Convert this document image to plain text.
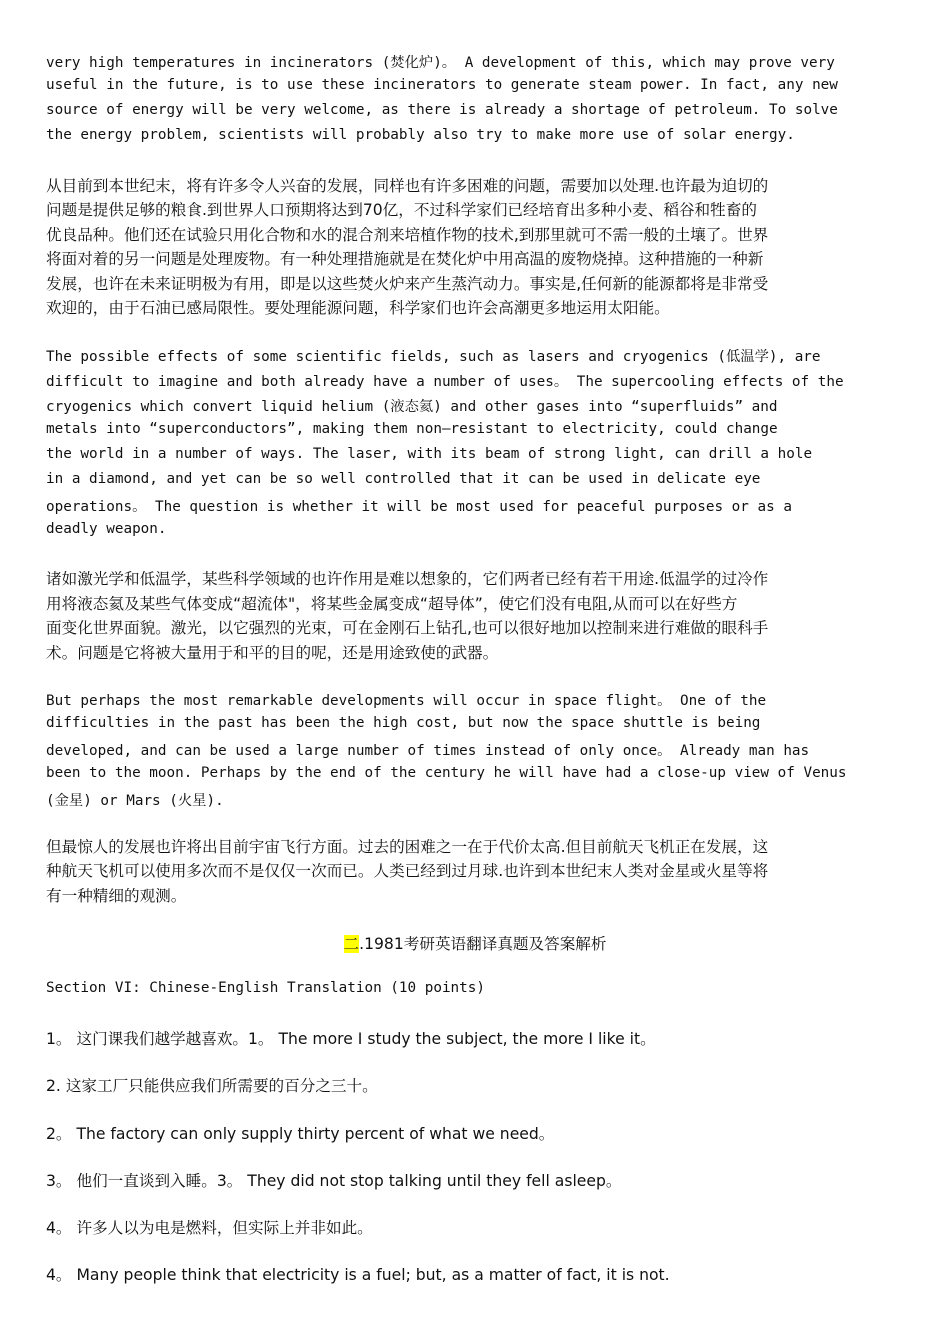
very high temperatures in incinerators (焚化炉)。 A development of this, which may prove very
useful in the future, is to use these incinerators to generate steam power. In fact, any new
source of energy will be very welcome, as there is already a shortage of petroleum. To solve
the energy problem, scientists will probably also try to make more use of solar energy.
从目前到本世纪末，将有许多令人兴奋的发展，同样也有许多困难的问题，需要加以处理.也许最为迫切的
问题是提供足够的粮食.到世界人口预期将达到70亿，不过科学家们已经培育出多种小麦、稻谷和牲畜的
优良品种。他们还在试验只用化合物和水的混合剂来培植作物的技术,到那里就可不需一般的土壤了。世界
将面对着的另一问题是处理废物。有一种处理措施就是在焚化炉中用高温的废物烧掉。这种措施的一种新
发展，也许在未来证明极为有用，即是以这些焚火炉来产生蒸汽动力。事实是,任何新的能源都将是非常受
欢迎的，由于石油已感局限性。要处理能源问题，科学家们也许会高潮更多地运用太阳能。
The possible effects of some scientific fields, such as lasers and cryogenics (低温学), are
difficult to imagine and both already have a number of uses。 The supercooling effects of the
cryogenics which convert liquid helium (液态氦) and other gases into “superfluids” and
metals into “superconductors”, making them non—resistant to electricity, could change
the world in a number of ways. The laser, with its beam of strong light, can drill a hole
in a diamond, and yet can be so well controlled that it can be used in delicate eye
operations。 The question is whether it will be most used for peaceful purposes or as a
deadly weapon.
诸如激光学和低温学，某些科学领域的也许作用是难以想象的，它们两者已经有若干用途.低温学的过冷作
用将液态氦及某些气体变成“超流体"，将某些金属变成“超导体”，使它们没有电阻,从而可以在好些方
面变化世界面貌。激光，以它强烈的光束，可在金刚石上钻孔,也可以很好地加以控制来进行难做的眼科手
术。问题是它将被大量用于和平的目的呢，还是用途致使的武器。
But perhaps the most remarkable developments will occur in space flight。 One of the
difficulties in the past has been the high cost, but now the space shuttle is being
developed, and can be used a large number of times instead of only once。 Already man has
been to the moon. Perhaps by the end of the century he will have had a close-up view of Venus
(金星) or Mars (火星).
但最惊人的发展也许将出目前宇宙飞行方面。过去的困难之一在于代价太高.但目前航天飞机正在发展，这
种航天飞机可以使用多次而不是仅仅一次而已。人类已经到过月球.也许到本世纪末人类对金星或火星等将
有一种精细的观测。
二.1981考研英语翻译真题及答案解析
Section VI: Chinese-English Translation (10 points)
1。 这门课我们越学越喜欢。1。 The more I study the subject, the more I like it。
2. 这家工厂只能供应我们所需要的百分之三十。
2。 The factory can only supply thirty percent of what we need。
3。 他们一直谈到入睡。3。 They did not stop talking until they fell asleep。
4。 许多人以为电是燃料，但实际上并非如此。
4。 Many people think that electricity is a fuel; but, as a matter of fact, it is not.
